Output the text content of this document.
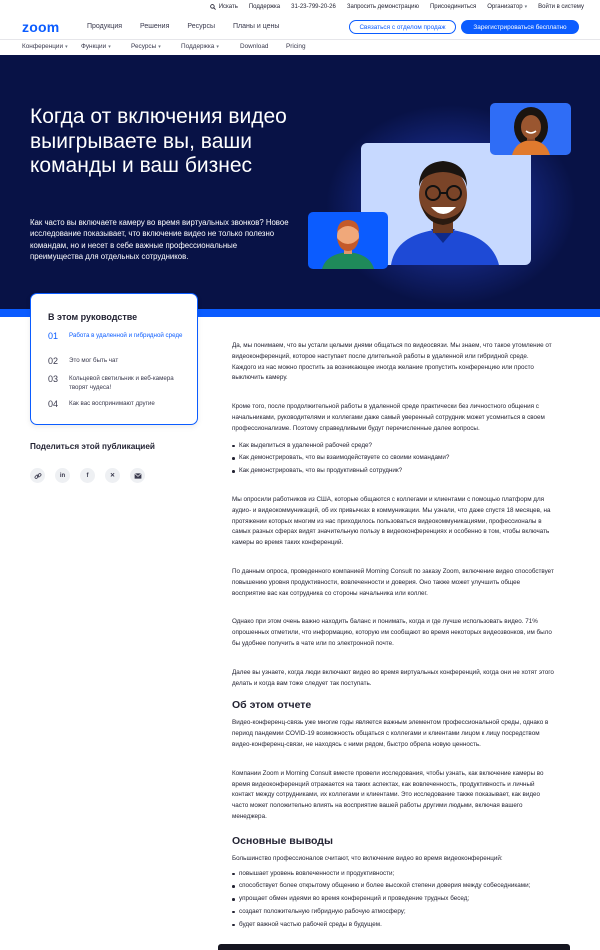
Искать Поддержка 31-23-799-20-26 Запросить демонстрацию Присоединиться Организатор ▾ Войти в систему
zoom	Продукция	Решения	Ресурсы	Планы и цены	Связаться с отделом продаж	Зарегистрироваться бесплатно
Конференции ▾ Функции ▾	Ресурсы ▾	Поддержка ▾	Download	Pricing
Когда от включения видео выигрываете вы, ваши команды и ваш бизнес

Как часто вы включаете камеру во время виртуальных звонков? Новое исследование показывает, что включение видео не только полезно командам, но и несет в себе важные профессиональные преимущества для отдельных сотрудников.

В этом руководстве
01	Работа в удаленной и гибридной среде
02	Это мог быть чат
03	Кольцевой светильник и веб-камера творят чудеса!
04	Как вас воспринимают другие
Поделиться этой публикацией
in	f	✕

Да, мы понимаем, что вы устали целыми днями общаться по видеосвязи. Мы знаем, что такое утомление от видеоконференций, которое наступает после длительной работы в удаленной или гибридной среде. Каждого из нас можно простить за возникающее иногда желание пропустить конференцию или просто выключить камеру.

Кроме того, после продолжительной работы в удаленной среде практически без личностного общения с начальниками, руководителями и коллегами даже самый уверенный сотрудник может усомниться в своем профессионализме. Поэтому справедливыми будут перечисленные далее вопросы.

Как выделиться в удаленной рабочей среде?
Как демонстрировать, что вы взаимодействуете со своими командами?
Как демонстрировать, что вы продуктивный сотрудник?

Мы опросили работников из США, которые общаются с коллегами и клиентами с помощью платформ для аудио- и видеокоммуникаций, об их привычках в коммуникации. Мы узнали, что даже спустя 18 месяцев, на протяжении которых многим из нас приходилось пользоваться видеокоммуникациями, профессионалы в самых разных сферах видят значительную пользу в видеоконференциях и особенно в том, чтобы включать камеры во время таких конференций.

По данным опроса, проведенного компанией Morning Consult по заказу Zoom, включение видео способствует повышению уровня продуктивности, вовлеченности и доверия. Оно также может улучшить общее восприятие вас как сотрудника со стороны начальника или коллег.

Однако при этом очень важно находить баланс и понимать, когда и где лучше использовать видео. 71% опрошенных отметили, что информацию, которую им сообщают во время некоторых видеозвонков, им было бы удобнее получить в чате или по электронной почте.

Далее вы узнаете, когда люди включают видео во время виртуальных конференций, когда они не хотят этого делать и когда вам тоже следует так поступать.

Об этом отчете

Видео-конференц-связь уже многие годы является важным элементом профессиональной среды, однако в период пандемии COVID-19 возможность общаться с коллегами и клиентами лицом к лицу посредством видео-конференц-связи, не находясь с ними рядом, быстро обрела новую ценность.

Компании Zoom и Morning Consult вместе провели исследования, чтобы узнать, как включение камеры во время видеоконференций отражается на таких аспектах, как вовлеченность, продуктивность и личный контакт между сотрудниками, их коллегами и клиентами. Это исследование также показывает, как видео часто может положительно влиять на восприятие вашей работы другими людьми, включая вашего менеджера.

Основные выводы

Большинство профессионалов считают, что включение видео во время видеоконференций:

повышает уровень вовлеченности и продуктивности;
способствует более открытому общению и более высокой степени доверия между собеседниками;
упрощает обмен идеями во время конференций и проведение трудных бесед;
создает положительную гибридную рабочую атмосферу;
будет важной частью рабочей среды в будущем.
